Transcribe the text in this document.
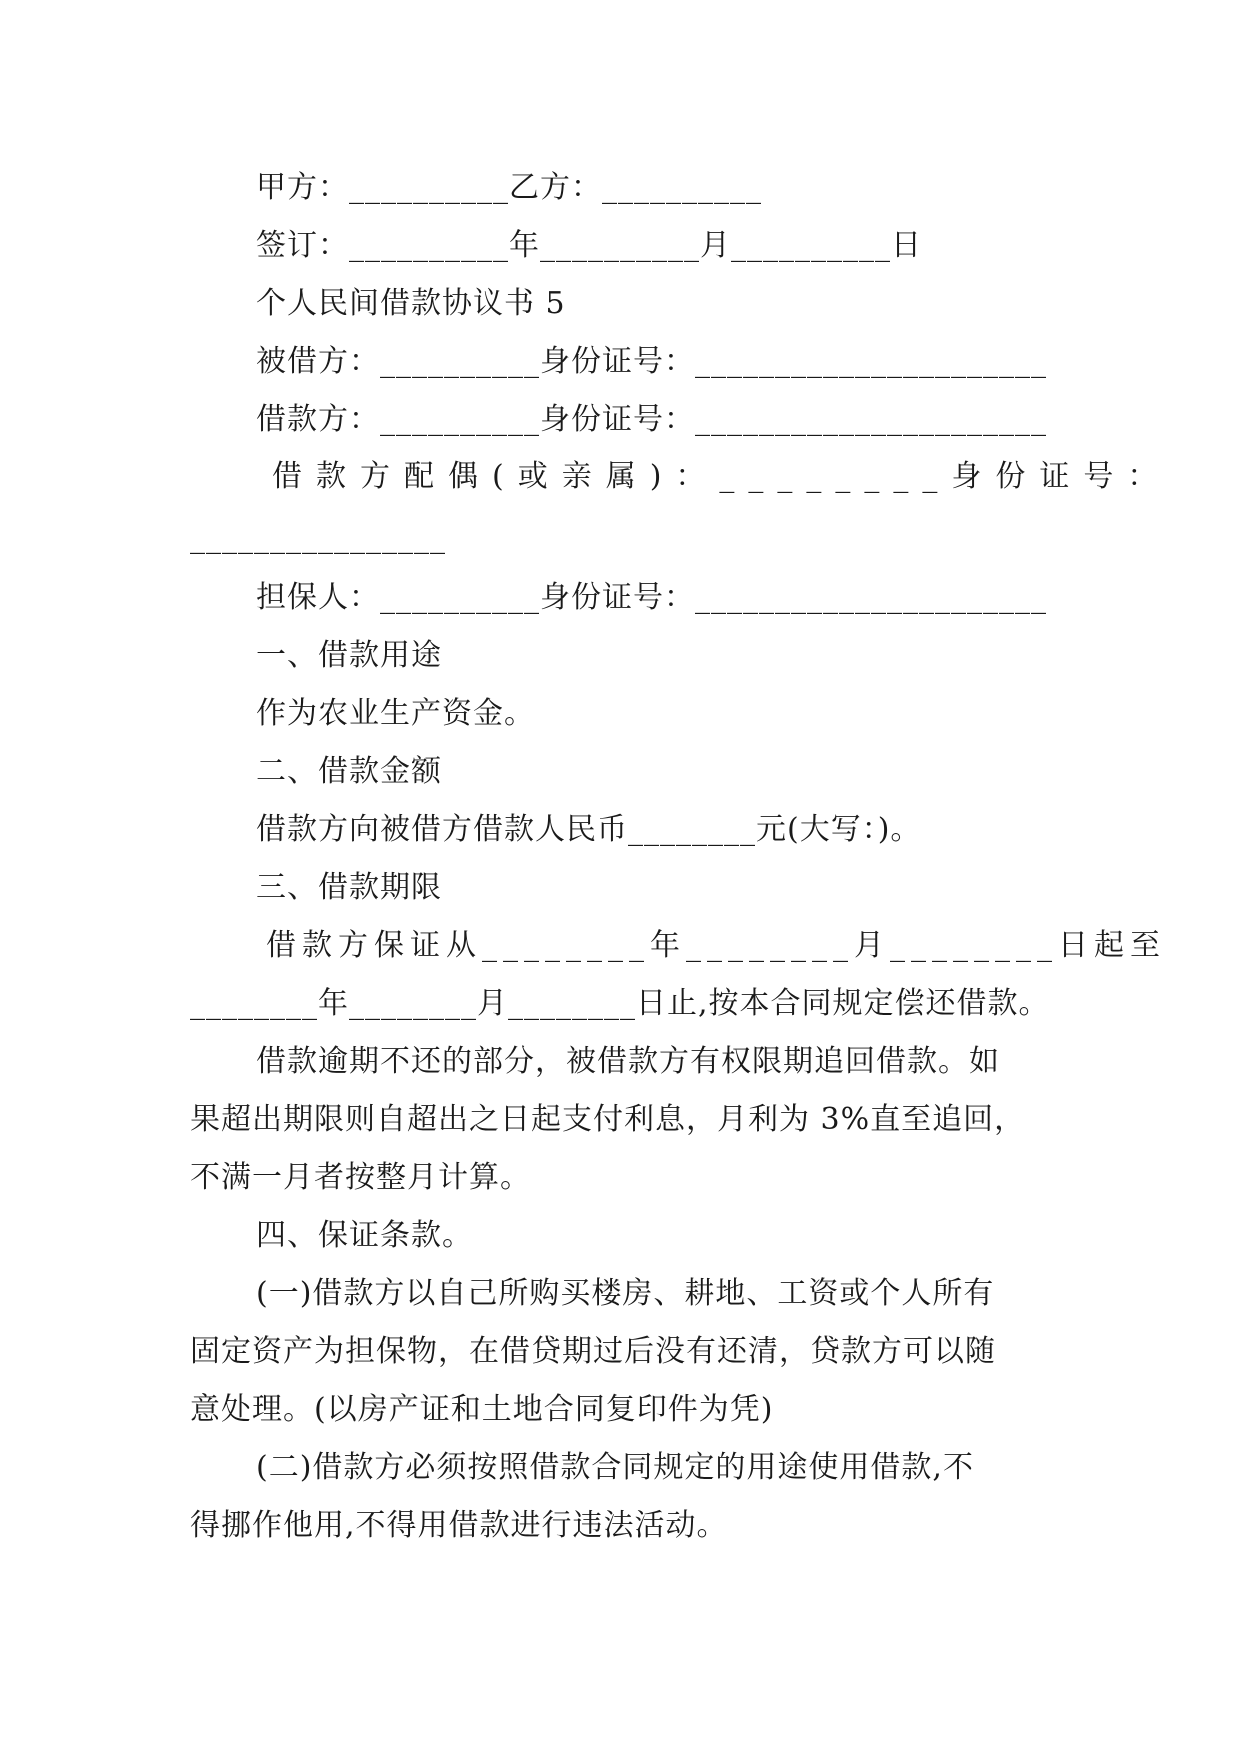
甲方：__________乙方：__________
签订：__________年__________月__________日
个人民间借款协议书 5
被借方：__________身份证号：______________________
借款方：__________身份证号：______________________
借款方配偶(或亲属)：________身份证号：
________________
担保人：__________身份证号：______________________
一、借款用途
作为农业生产资金。
二、借款金额
借款方向被借方借款人民币________元(大写：)。
三、借款期限
借款方保证从________年________月________日起至
________年________月________日止,按本合同规定偿还借款。
借款逾期不还的部分，被借款方有权限期追回借款。如
果超出期限则自超出之日起支付利息，月利为 3%直至追回，
不满一月者按整月计算。
四、保证条款。
(一)借款方以自己所购买楼房、耕地、工资或个人所有
固定资产为担保物，在借贷期过后没有还清，贷款方可以随
意处理。(以房产证和土地合同复印件为凭)
(二)借款方必须按照借款合同规定的用途使用借款,不
得挪作他用,不得用借款进行违法活动。
